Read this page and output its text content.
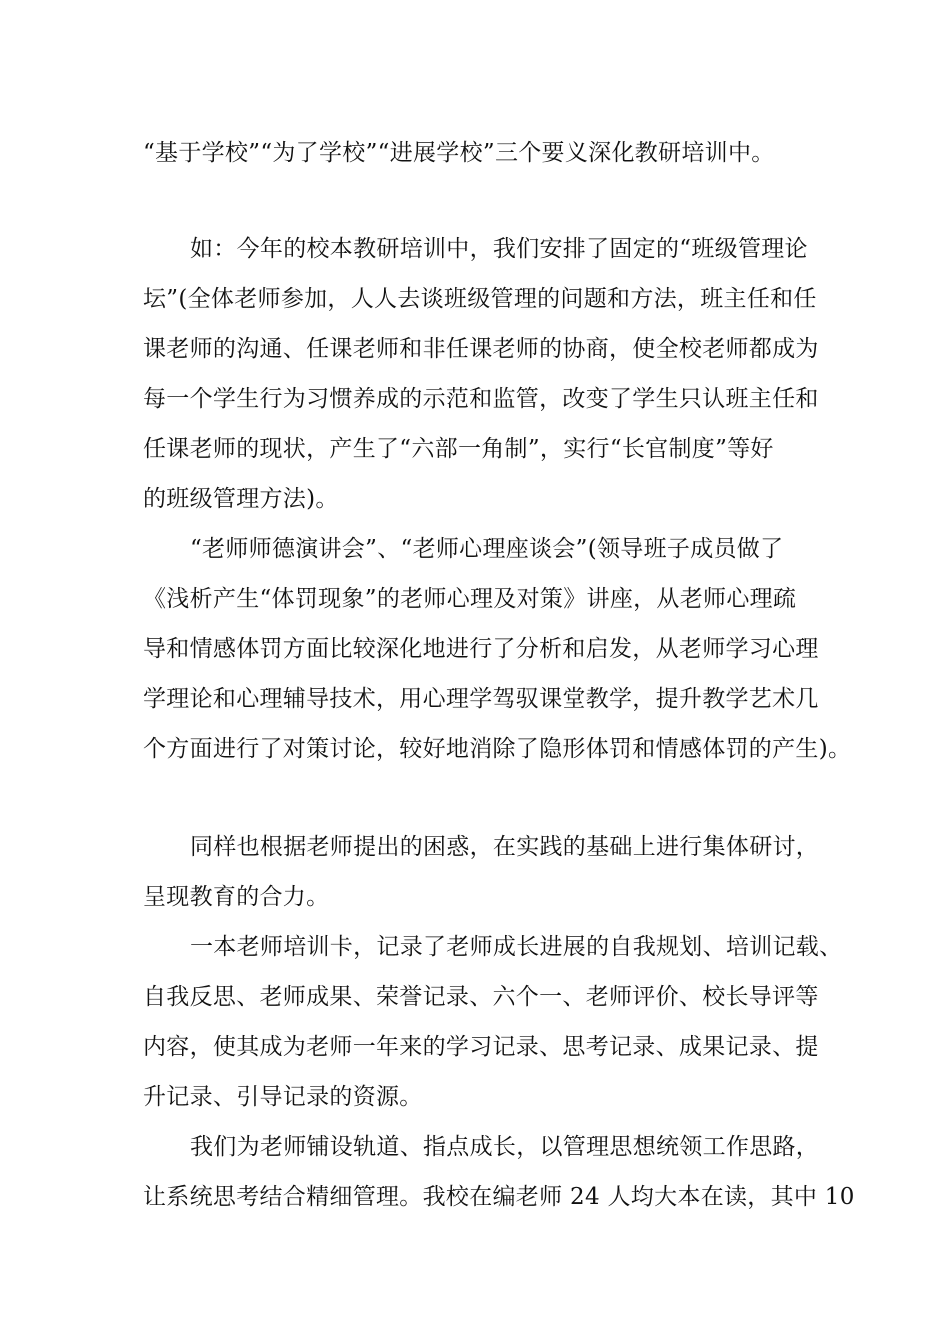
“基于学校”“为了学校”“进展学校”三个要义深化教研培训中。
如：今年的校本教研培训中，我们安排了固定的“班级管理论
坛”(全体老师参加，人人去谈班级管理的问题和方法，班主任和任
课老师的沟通、任课老师和非任课老师的协商，使全校老师都成为
每一个学生行为习惯养成的示范和监管，改变了学生只认班主任和
任课老师的现状，产生了“六部一角制”，实行“长官制度”等好
的班级管理方法)。
“老师师德演讲会”、“老师心理座谈会”(领导班子成员做了
《浅析产生“体罚现象”的老师心理及对策》讲座，从老师心理疏
导和情感体罚方面比较深化地进行了分析和启发，从老师学习心理
学理论和心理辅导技术，用心理学驾驭课堂教学，提升教学艺术几
个方面进行了对策讨论，较好地消除了隐形体罚和情感体罚的产生)。
同样也根据老师提出的困惑，在实践的基础上进行集体研讨，
呈现教育的合力。
一本老师培训卡，记录了老师成长进展的自我规划、培训记载、
自我反思、老师成果、荣誉记录、六个一、老师评价、校长导评等
内容，使其成为老师一年来的学习记录、思考记录、成果记录、提
升记录、引导记录的资源。
我们为老师铺设轨道、指点成长，以管理思想统领工作思路，
让系统思考结合精细管理。我校在编老师 24 人均大本在读，其中 10
